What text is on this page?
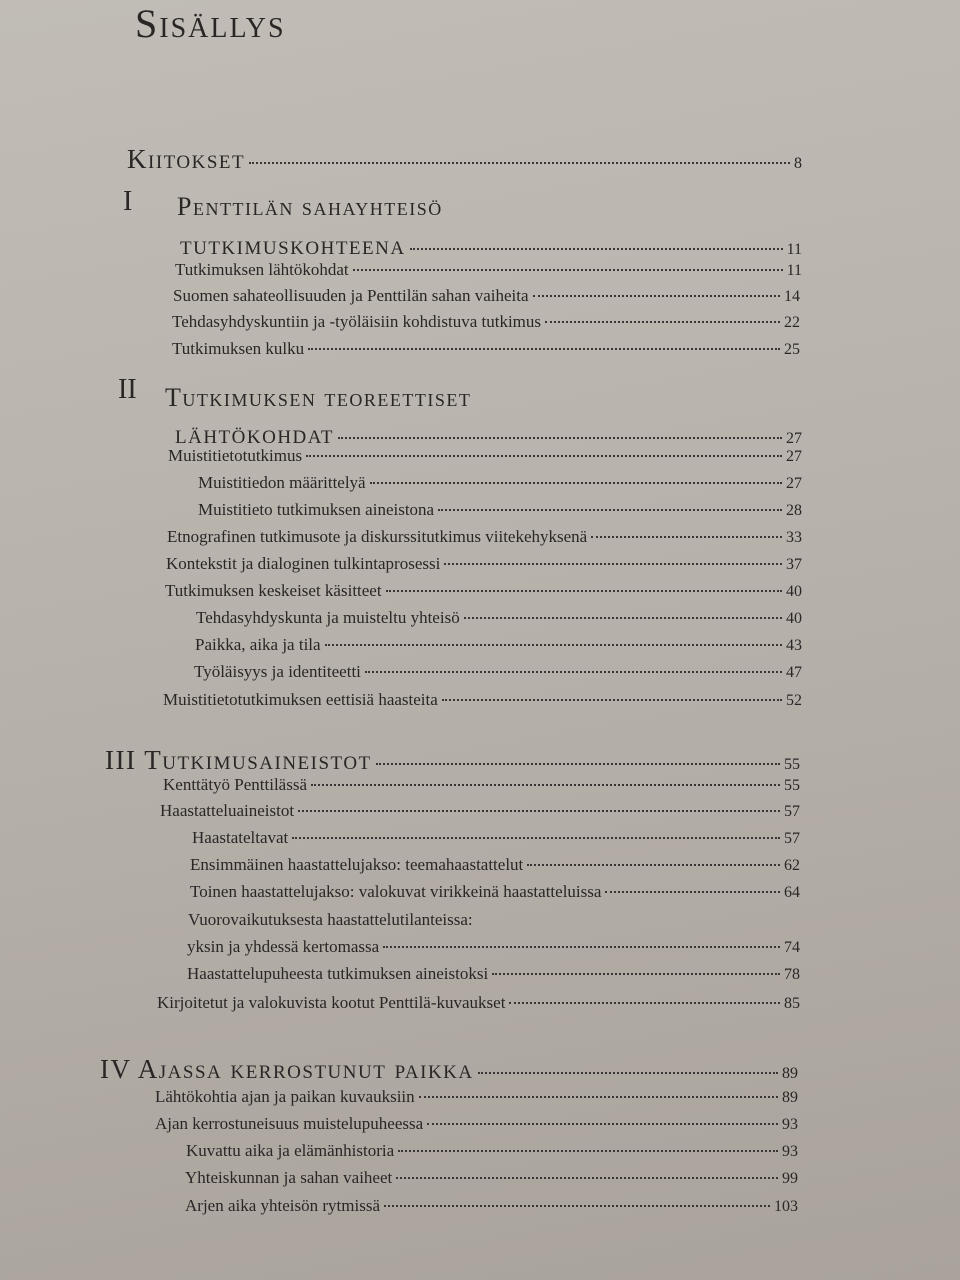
Sisällys
Kiitokset	8
I Penttilän sahayhteisö
tutkimuskohteena	11
Tutkimuksen lähtökohdat	11
Suomen sahateollisuuden ja Penttilän sahan vaiheita	14
Tehdasyhdyskuntiin ja -työläisiin kohdistuva tutkimus	22
Tutkimuksen kulku	25
II Tutkimuksen teoreettiset
lähtökohdat	27
Muistitietotutkimus	27
Muistitiedon määrittelyä	27
Muistitieto tutkimuksen aineistona	28
Etnografinen tutkimusote ja diskurssitutkimus viitekehyksenä	33
Kontekstit ja dialoginen tulkintaprosessi	37
Tutkimuksen keskeiset käsitteet	40
Tehdasyhdyskunta ja muisteltu yhteisö	40
Paikka, aika ja tila	43
Työläisyys ja identiteetti	47
Muistitietotutkimuksen eettisiä haasteita	52
III Tutkimusaineistot	55
Kenttätyö Penttilässä	55
Haastatteluaineistot	57
Haastateltavat	57
Ensimmäinen haastattelujakso: teemahaastattelut	62
Toinen haastattelujakso: valokuvat virikkeinä haastatteluissa	64
Vuorovaikutuksesta haastattelutilanteissa:
yksin ja yhdessä kertomassa	74
Haastattelupuheesta tutkimuksen aineistoksi	78
Kirjoitetut ja valokuvista kootut Penttilä-kuvaukset	85
IV Ajassa kerrostunut paikka	89
Lähtökohtia ajan ja paikan kuvauksiin	89
Ajan kerrostuneisuus muistelupuheessa	93
Kuvattu aika ja elämänhistoria	93
Yhteiskunnan ja sahan vaiheet	99
Arjen aika yhteisön rytmissä	103
